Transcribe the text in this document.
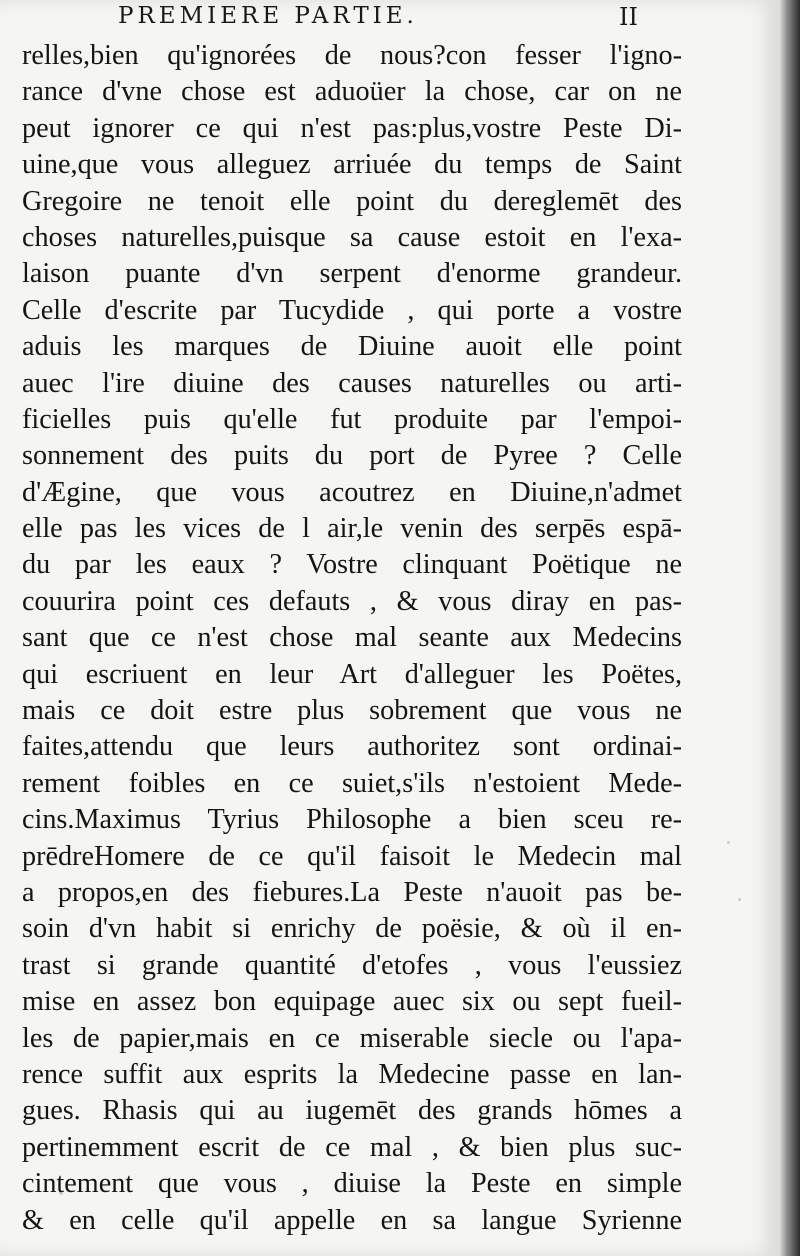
PREMIERE PARTIE.	II
relles,bien qu'ignorées de nous?con fesser l'igno-
rance d'vne chose est aduoüer la chose, car on ne
peut ignorer ce qui n'est pas:plus,vostre Peste Di-
uine,que vous alleguez arriuée du temps de Saint
Gregoire ne tenoit elle point du dereglemēt des
choses naturelles,puisque sa cause estoit en l'exa-
laison puante d'vn serpent d'enorme grandeur.
Celle d'escrite par Tucydide , qui porte a vostre
aduis les marques de Diuine auoit elle point
auec l'ire diuine des causes naturelles ou arti-
ficielles puis qu'elle fut produite par l'empoi-
sonnement des puits du port de Pyree ? Celle
d'Ægine, que vous acoutrez en Diuine,n'admet
elle pas les vices de l air,le venin des serpēs espā-
du par les eaux ? Vostre clinquant Poëtique ne
couurira point ces defauts , & vous diray en pas-
sant que ce n'est chose mal seante aux Medecins
qui escriuent en leur Art d'alleguer les Poëtes,
mais ce doit estre plus sobrement que vous ne
faites,attendu que leurs authoritez sont ordinai-
rement foibles en ce suiet,s'ils n'estoient Mede-
cins.Maximus Tyrius Philosophe a bien sceu re-
prēdreHomere de ce qu'il faisoit le Medecin mal
a propos,en des fiebures.La Peste n'auoit pas be-
soin d'vn habit si enrichy de poësie, & où il en-
trast si grande quantité d'etofes , vous l'eussiez
mise en assez bon equipage auec six ou sept fueil-
les de papier,mais en ce miserable siecle ou l'apa-
rence suffit aux esprits la Medecine passe en lan-
gues. Rhasis qui au iugemēt des grands hōmes a
pertinemment escrit de ce mal , & bien plus suc-
cintement que vous , diuise la Peste en simple
& en celle qu'il appelle en sa langue Syrienne
